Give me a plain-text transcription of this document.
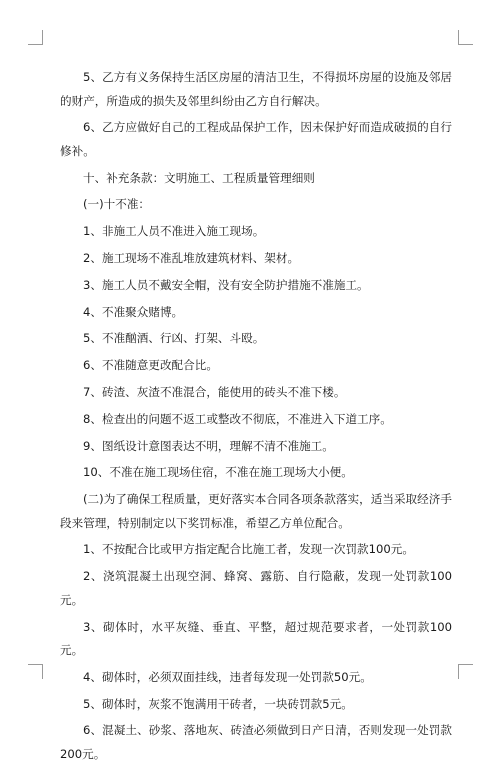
5、乙方有义务保持生活区房屋的清洁卫生，不得损坏房屋的设施及邻居的财产，所造成的损失及邻里纠纷由乙方自行解决。

6、乙方应做好自己的工程成品保护工作，因未保护好而造成破损的自行修补。

十、补充条款：文明施工、工程质量管理细则

(一)十不准：

1、非施工人员不准进入施工现场。

2、施工现场不准乱堆放建筑材料、架材。

3、施工人员不戴安全帽，没有安全防护措施不准施工。

4、不准聚众赌博。

5、不准酗酒、行凶、打架、斗殴。

6、不准随意更改配合比。

7、砖渣、灰渣不准混合，能使用的砖头不准下楼。

8、检查出的问题不返工或整改不彻底，不准进入下道工序。

9、图纸设计意图表达不明，理解不清不准施工。

10、不准在施工现场住宿，不准在施工现场大小便。

(二)为了确保工程质量，更好落实本合同各项条款落实，适当采取经济手段来管理，特别制定以下奖罚标准，希望乙方单位配合。

1、不按配合比或甲方指定配合比施工者，发现一次罚款100元。

2、浇筑混凝土出现空洞、蜂窝、露筋、自行隐蔽，发现一处罚款100元。

3、砌体时，水平灰缝、垂直、平整，超过规范要求者，一处罚款100元。

4、砌体时，必须双面挂线，违者每发现一处罚款50元。

5、砌体时，灰浆不饱满用干砖者，一块砖罚款5元。

6、混凝土、砂浆、落地灰、砖渣必须做到日产日清，否则发现一处罚款200元。
